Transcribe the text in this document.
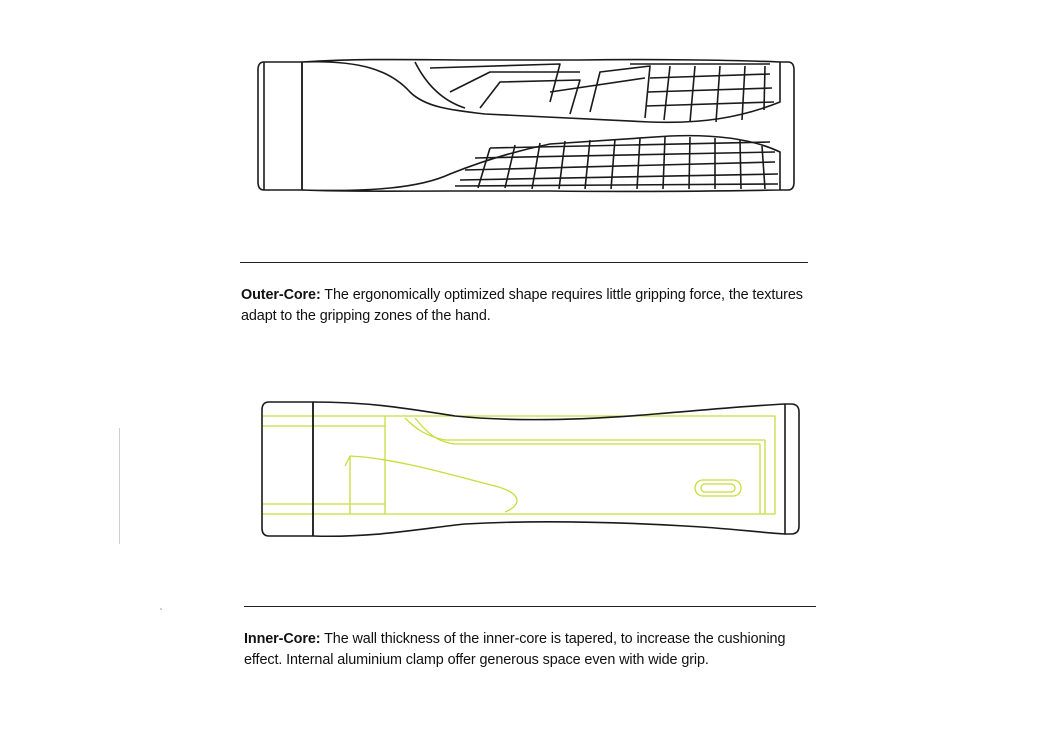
Outer-Core: The ergonomically optimized shape requires little gripping force, the textures adapt to the gripping zones of the hand.

Inner-Core: The wall thickness of the inner-core is tapered, to increase the cushioning effect. Internal aluminium clamp offer generous space even with wide grip.
